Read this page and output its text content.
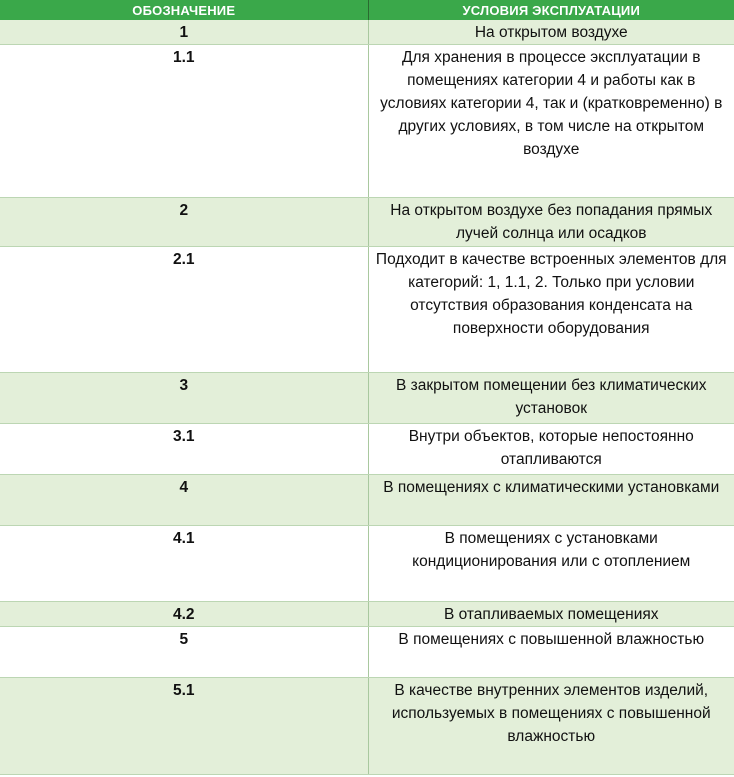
ОБОЗНАЧЕНИЕ	УСЛОВИЯ ЭКСПЛУАТАЦИИ
1	На открытом воздухе
1.1	Для хранения в процессе эксплуатации в помещениях категории 4 и работы как в условиях категории 4, так и (кратковременно) в других условиях, в том числе на открытом воздухе
2	На открытом воздухе без попадания прямых лучей солнца или осадков
2.1	Подходит в качестве встроенных элементов для категорий: 1, 1.1, 2. Только при условии отсутствия образования конденсата на поверхности оборудования
3	В закрытом помещении без климатических установок
3.1	Внутри объектов, которые непостоянно отапливаются
4	В помещениях с климатическими установками
4.1	В помещениях с установками кондиционирования или с отоплением
4.2	В отапливаемых помещениях
5	В помещениях с повышенной влажностью
5.1	В качестве внутренних элементов изделий, используемых в помещениях с повышенной влажностью
